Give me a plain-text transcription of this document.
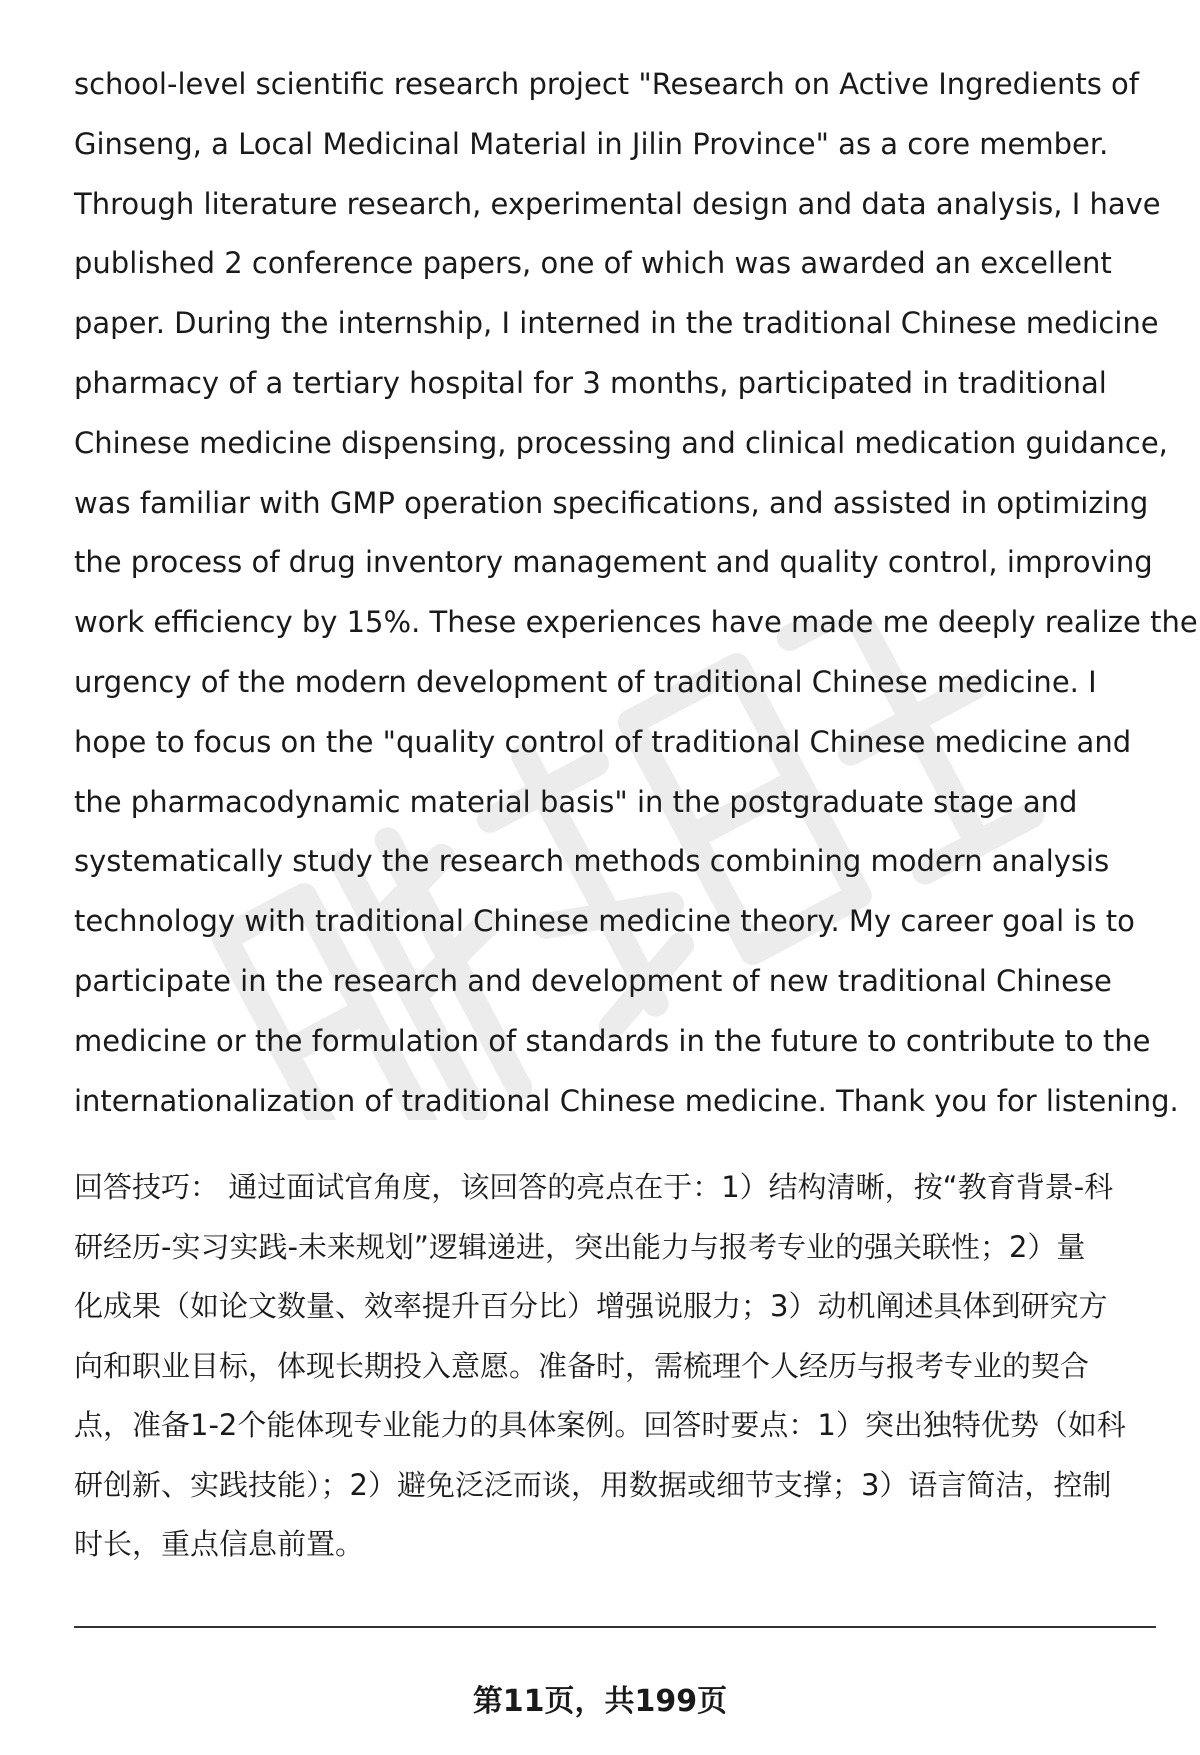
school-level scientific research project "Research on Active Ingredients of
Ginseng, a Local Medicinal Material in Jilin Province" as a core member.
Through literature research, experimental design and data analysis, I have
published 2 conference papers, one of which was awarded an excellent
paper. During the internship, I interned in the traditional Chinese medicine
pharmacy of a tertiary hospital for 3 months, participated in traditional
Chinese medicine dispensing, processing and clinical medication guidance,
was familiar with GMP operation specifications, and assisted in optimizing
the process of drug inventory management and quality control, improving
work efficiency by 15%. These experiences have made me deeply realize the
urgency of the modern development of traditional Chinese medicine. I
hope to focus on the "quality control of traditional Chinese medicine and
the pharmacodynamic material basis" in the postgraduate stage and
systematically study the research methods combining modern analysis
technology with traditional Chinese medicine theory. My career goal is to
participate in the research and development of new traditional Chinese
medicine or the formulation of standards in the future to contribute to the
internationalization of traditional Chinese medicine. Thank you for listening.
回答技巧： 通过面试官角度，该回答的亮点在于：1）结构清晰，按“教育背景-科
研经历-实习实践-未来规划”逻辑递进，突出能力与报考专业的强关联性；2）量
化成果（如论文数量、效率提升百分比）增强说服力；3）动机阐述具体到研究方
向和职业目标，体现长期投入意愿。准备时，需梳理个人经历与报考专业的契合
点，准备1-2个能体现专业能力的具体案例。回答时要点：1）突出独特优势（如科
研创新、实践技能）；2）避免泛泛而谈，用数据或细节支撑；3）语言简洁，控制
时长，重点信息前置。
第11页，共199页
